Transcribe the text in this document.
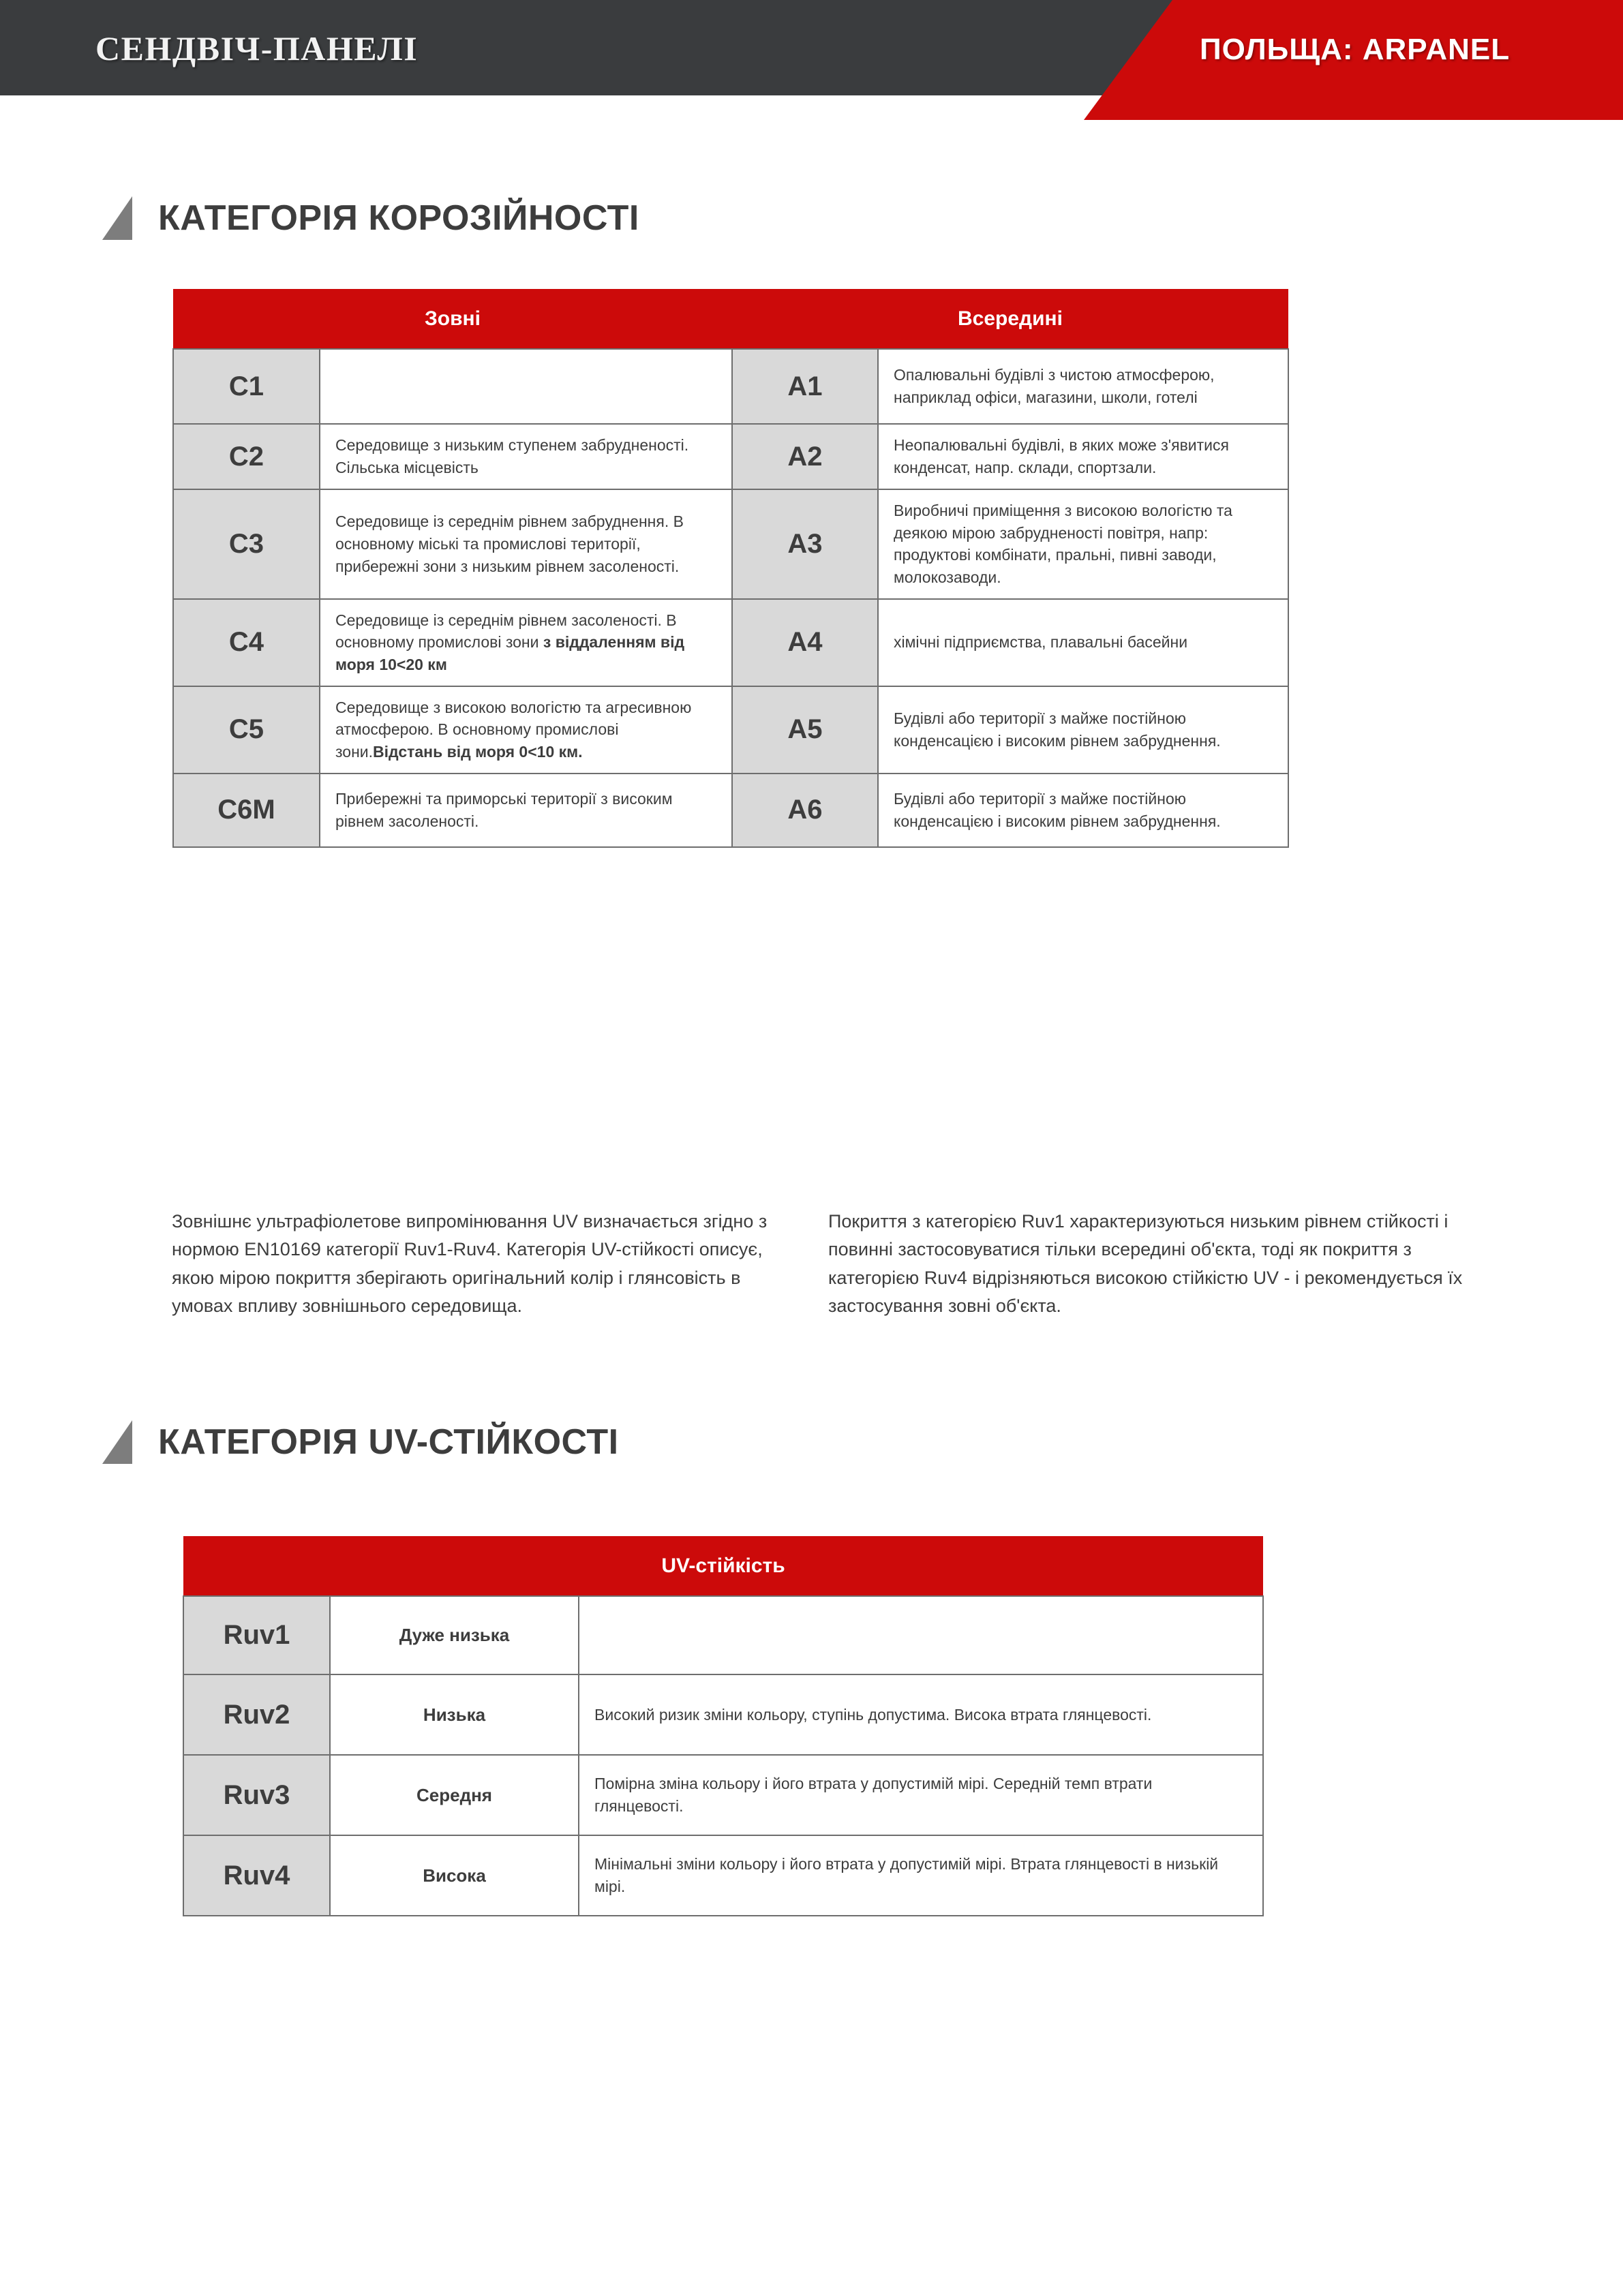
СЕНДВІЧ-ПАНЕЛІ	ПОЛЬЩА: ARPANEL
КАТЕГОРІЯ КОРОЗІЙНОСТІ
Зовні		Всередині	
C1		A1	Опалювальні будівлі з чистою атмосферою, наприклад офіси, магазини, школи, готелі
C2	Середовище з низьким ступенем забрудненості. Сільська місцевість	A2	Неопалювальні будівлі, в яких може з'явитися конденсат, напр. склади, спортзали.
C3	Середовище із середнім рівнем забруднення. В основному міські та промислові території, прибережні зони з низьким рівнем засоленості.	A3	Виробничі приміщення з високою вологістю та деякою мірою забрудненості повітря, напр: продуктові комбінати, пральні, пивні заводи, молокозаводи.
C4	Середовище із середнім рівнем засоленості. В основному промислові зони з віддаленням від моря 10<20 км	A4	хімічні підприємства, плавальні басейни
C5	Середовище з високою вологістю та агресивною атмосферою. В основному промислові зони.Відстань від моря 0<10 км.	A5	Будівлі або території з майже постійною конденсацією і високим рівнем забруднення.
C6M	Прибережні та приморські території з високим рівнем засоленості.	A6	Будівлі або території з майже постійною конденсацією і високим рівнем забруднення.
Зовнішнє ультрафіолетове випромінювання UV визначається згідно з нормою EN10169 категорії Ruv1-Ruv4. Категорія UV-стійкості описує, якою мірою покриття зберігають оригінальний колір і глянсовість в умовах впливу зовнішнього середовища.
Покриття з категорією Ruv1 характеризуються низьким рівнем стійкості і повинні застосовуватися тільки всередині об'єкта, тоді як покриття з категорією Ruv4 відрізняються високою стійкістю UV - і рекомендується їх застосування зовні об'єкта.
КАТЕГОРІЯ UV-СТІЙКОСТІ
UV-стійкість		
Ruv1	Дуже низька	
Ruv2	Низька	Високий ризик зміни кольору, ступінь допустима. Висока втрата глянцевості.
Ruv3	Середня	Помірна зміна кольору і його втрата у допустимій мірі. Середній темп втрати глянцевості.
Ruv4	Висока	Мінімальні зміни кольору і його втрата у допустимій мірі. Втрата глянцевості в низькій мірі.
